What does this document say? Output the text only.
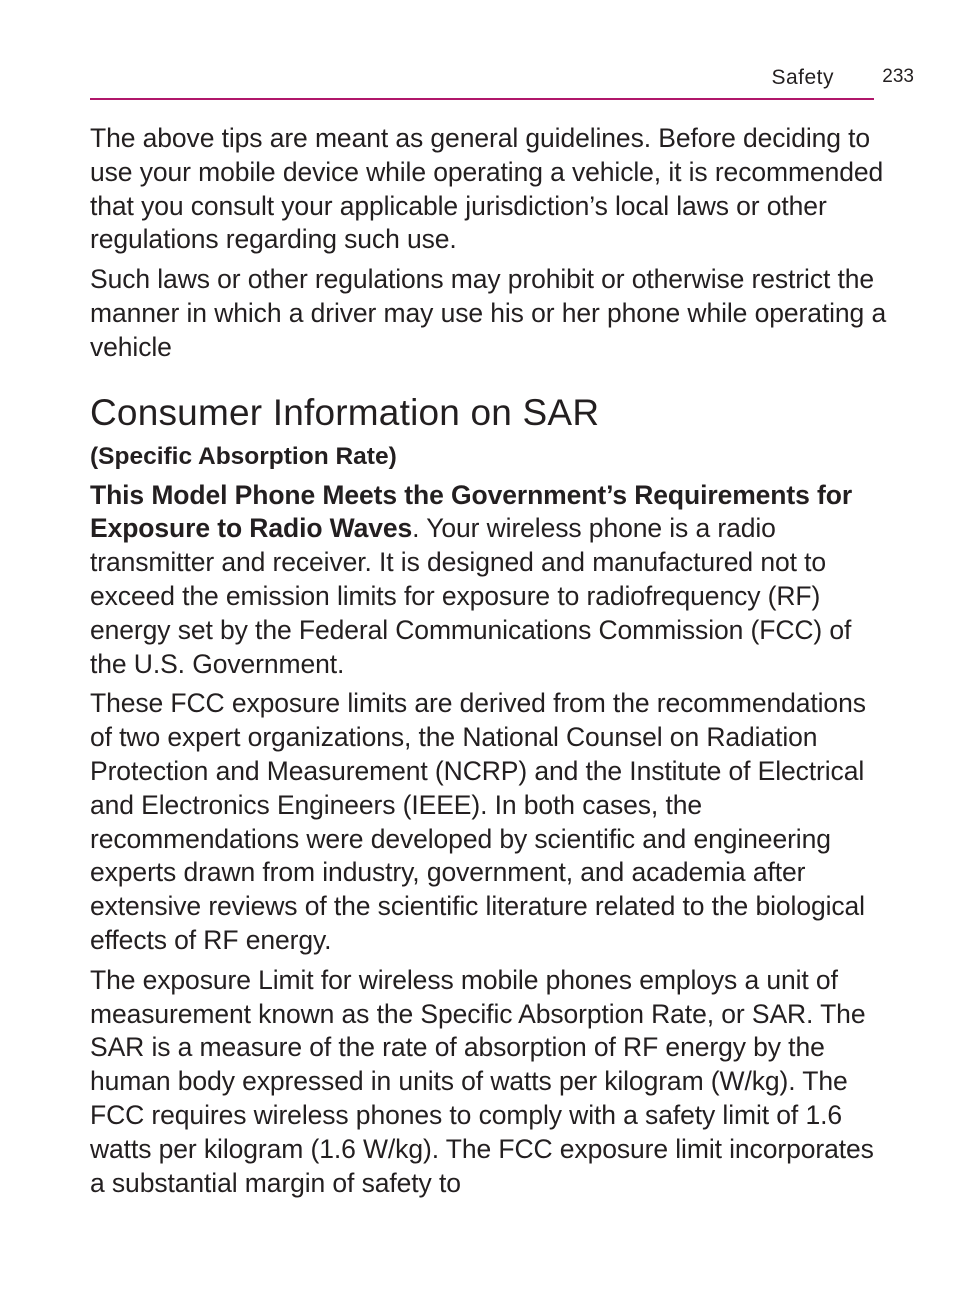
Safety	233

The above tips are meant as general guidelines. Before deciding to use your mobile device while operating a vehicle, it is recommended that you consult your applicable jurisdiction’s local laws or other regulations regarding such use.

Such laws or other regulations may prohibit or otherwise restrict the manner in which a driver may use his or her phone while operating a vehicle

Consumer Information on SAR
(Specific Absorption Rate)

This Model Phone Meets the Government’s Requirements for Exposure to Radio Waves. Your wireless phone is a radio transmitter and receiver. It is designed and manufactured not to exceed the emission limits for exposure to radiofrequency (RF) energy set by the Federal Communications Commission (FCC) of the U.S. Government.

These FCC exposure limits are derived from the recommendations of two expert organizations, the National Counsel on Radiation Protection and Measurement (NCRP) and the Institute of Electrical and Electronics Engineers (IEEE). In both cases, the recommendations were developed by scientific and engineering experts drawn from industry, government, and academia after extensive reviews of the scientific literature related to the biological effects of RF energy.

The exposure Limit for wireless mobile phones employs a unit of measurement known as the Specific Absorption Rate, or SAR. The SAR is a measure of the rate of absorption of RF energy by the human body expressed in units of watts per kilogram (W/kg). The FCC requires wireless phones to comply with a safety limit of 1.6 watts per kilogram (1.6 W/kg). The FCC exposure limit incorporates a substantial margin of safety to
